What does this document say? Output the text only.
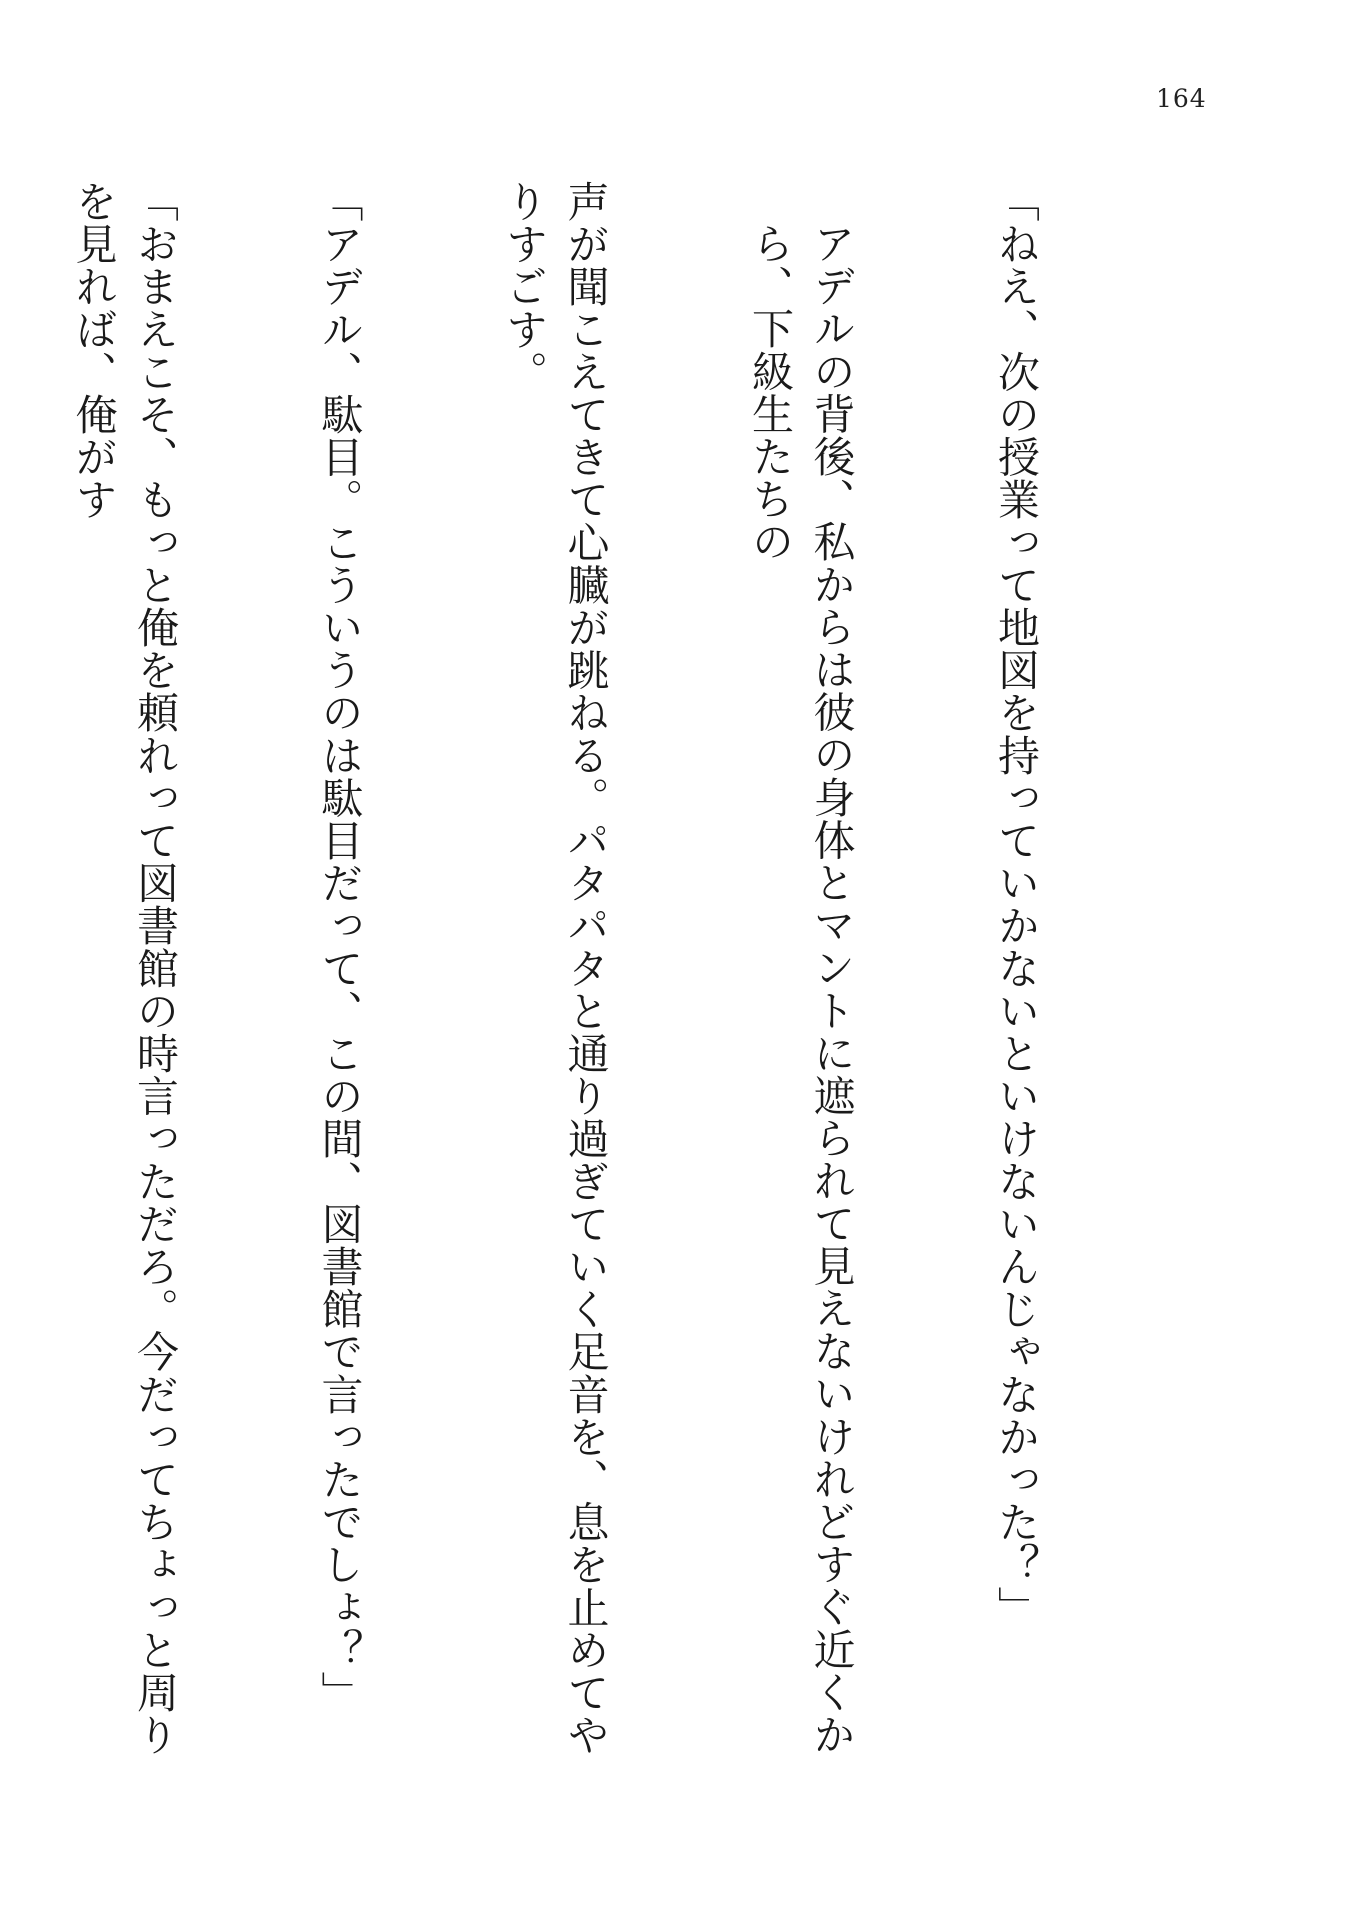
164

「ねえ、次の授業って地図を持っていかないといけないんじゃなかった？」

アデルの背後、私からは彼の身体とマントに遮られて見えないけれどすぐ近くから、下級生たちの

声が聞こえてきて心臓が跳ねる。パタパタと通り過ぎていく足音を、息を止めてやりすごす。

「アデル、駄目。こういうのは駄目だって、この間、図書館で言ったでしょ？」

「おまえこそ、もっと俺を頼れって図書館の時言っただろ。今だってちょっと周りを見れば、俺がす
